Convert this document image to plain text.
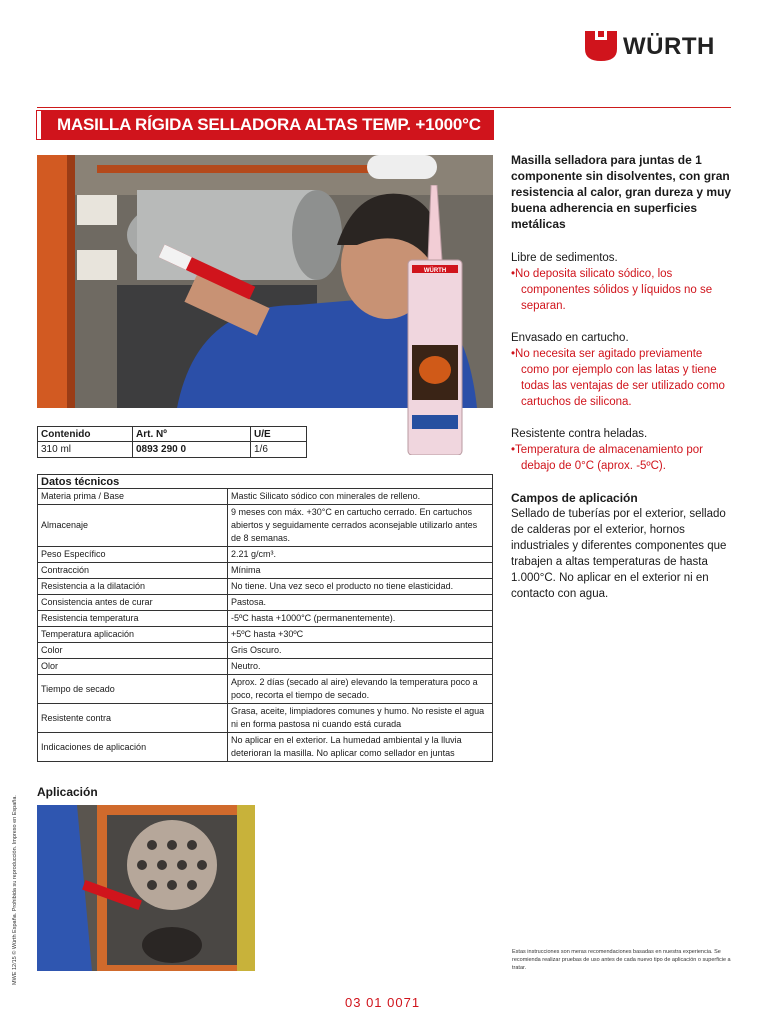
WÜRTH
MASILLA RÍGIDA SELLADORA ALTAS TEMP. +1000°C
WÜRTH
Contenido	Art. Nº	U/E
310 ml	0893 290 0	1/6
Datos técnicos
Materia prima / Base	Mastic Silicato sódico con minerales de relleno.
Almacenaje	9 meses con máx. +30°C en cartucho cerrado. En cartuchos abiertos y seguidamente cerrados aconsejable utilizarlo antes de 8 semanas.
Peso Específico	2.21 g/cm³.
Contracción	Mínima
Resistencia a la dilatación	No tiene. Una vez seco el producto no tiene elasticidad.
Consistencia antes de curar	Pastosa.
Resistencia temperatura	-5ºC hasta +1000°C (permanentemente).
Temperatura aplicación	+5ºC hasta +30ºC
Color	Gris Oscuro.
Olor	Neutro.
Tiempo de secado	Aprox. 2 días (secado al aire) elevando la temperatura poco a poco, recorta el tiempo de secado.
Resistente contra	Grasa, aceite, limpiadores comunes y humo. No resiste el agua ni en forma pastosa ni cuando está curada
Indicaciones de aplicación	No aplicar en el exterior. La humedad ambiental y la lluvia deterioran la masilla. No aplicar como sellador en juntas
Masilla selladora para juntas de 1 componente sin disolventes, con gran resistencia al calor, gran dureza y muy buena adherencia en superficies metálicas
Libre de sedimentos.
• No deposita silicato sódico, los componentes sólidos y líquidos no se separan.
Envasado en cartucho.
• No necesita ser agitado previamente como por ejemplo con las latas y tiene todas las ventajas de ser utilizado como cartuchos de silicona.
Resistente contra heladas.
• Temperatura de almacenamiento por debajo de 0°C (aprox. -5ºC).
Campos de aplicación
Sellado de tuberías por el exterior, sellado de calderas por el exterior, hornos industriales y diferentes componentes que trabajen a altas temperaturas de hasta 1.000°C. No aplicar en el exterior ni en contacto con agua.
Aplicación
MWE 12/15 © Würth España. Prohibida su reproducción. Impreso en España.	Estas instrucciones son meras recomendaciones basadas en nuestra experiencia. Se recomienda realizar pruebas de uso antes de cada nuevo tipo de aplicación o superficie a tratar.
03 01 0071
